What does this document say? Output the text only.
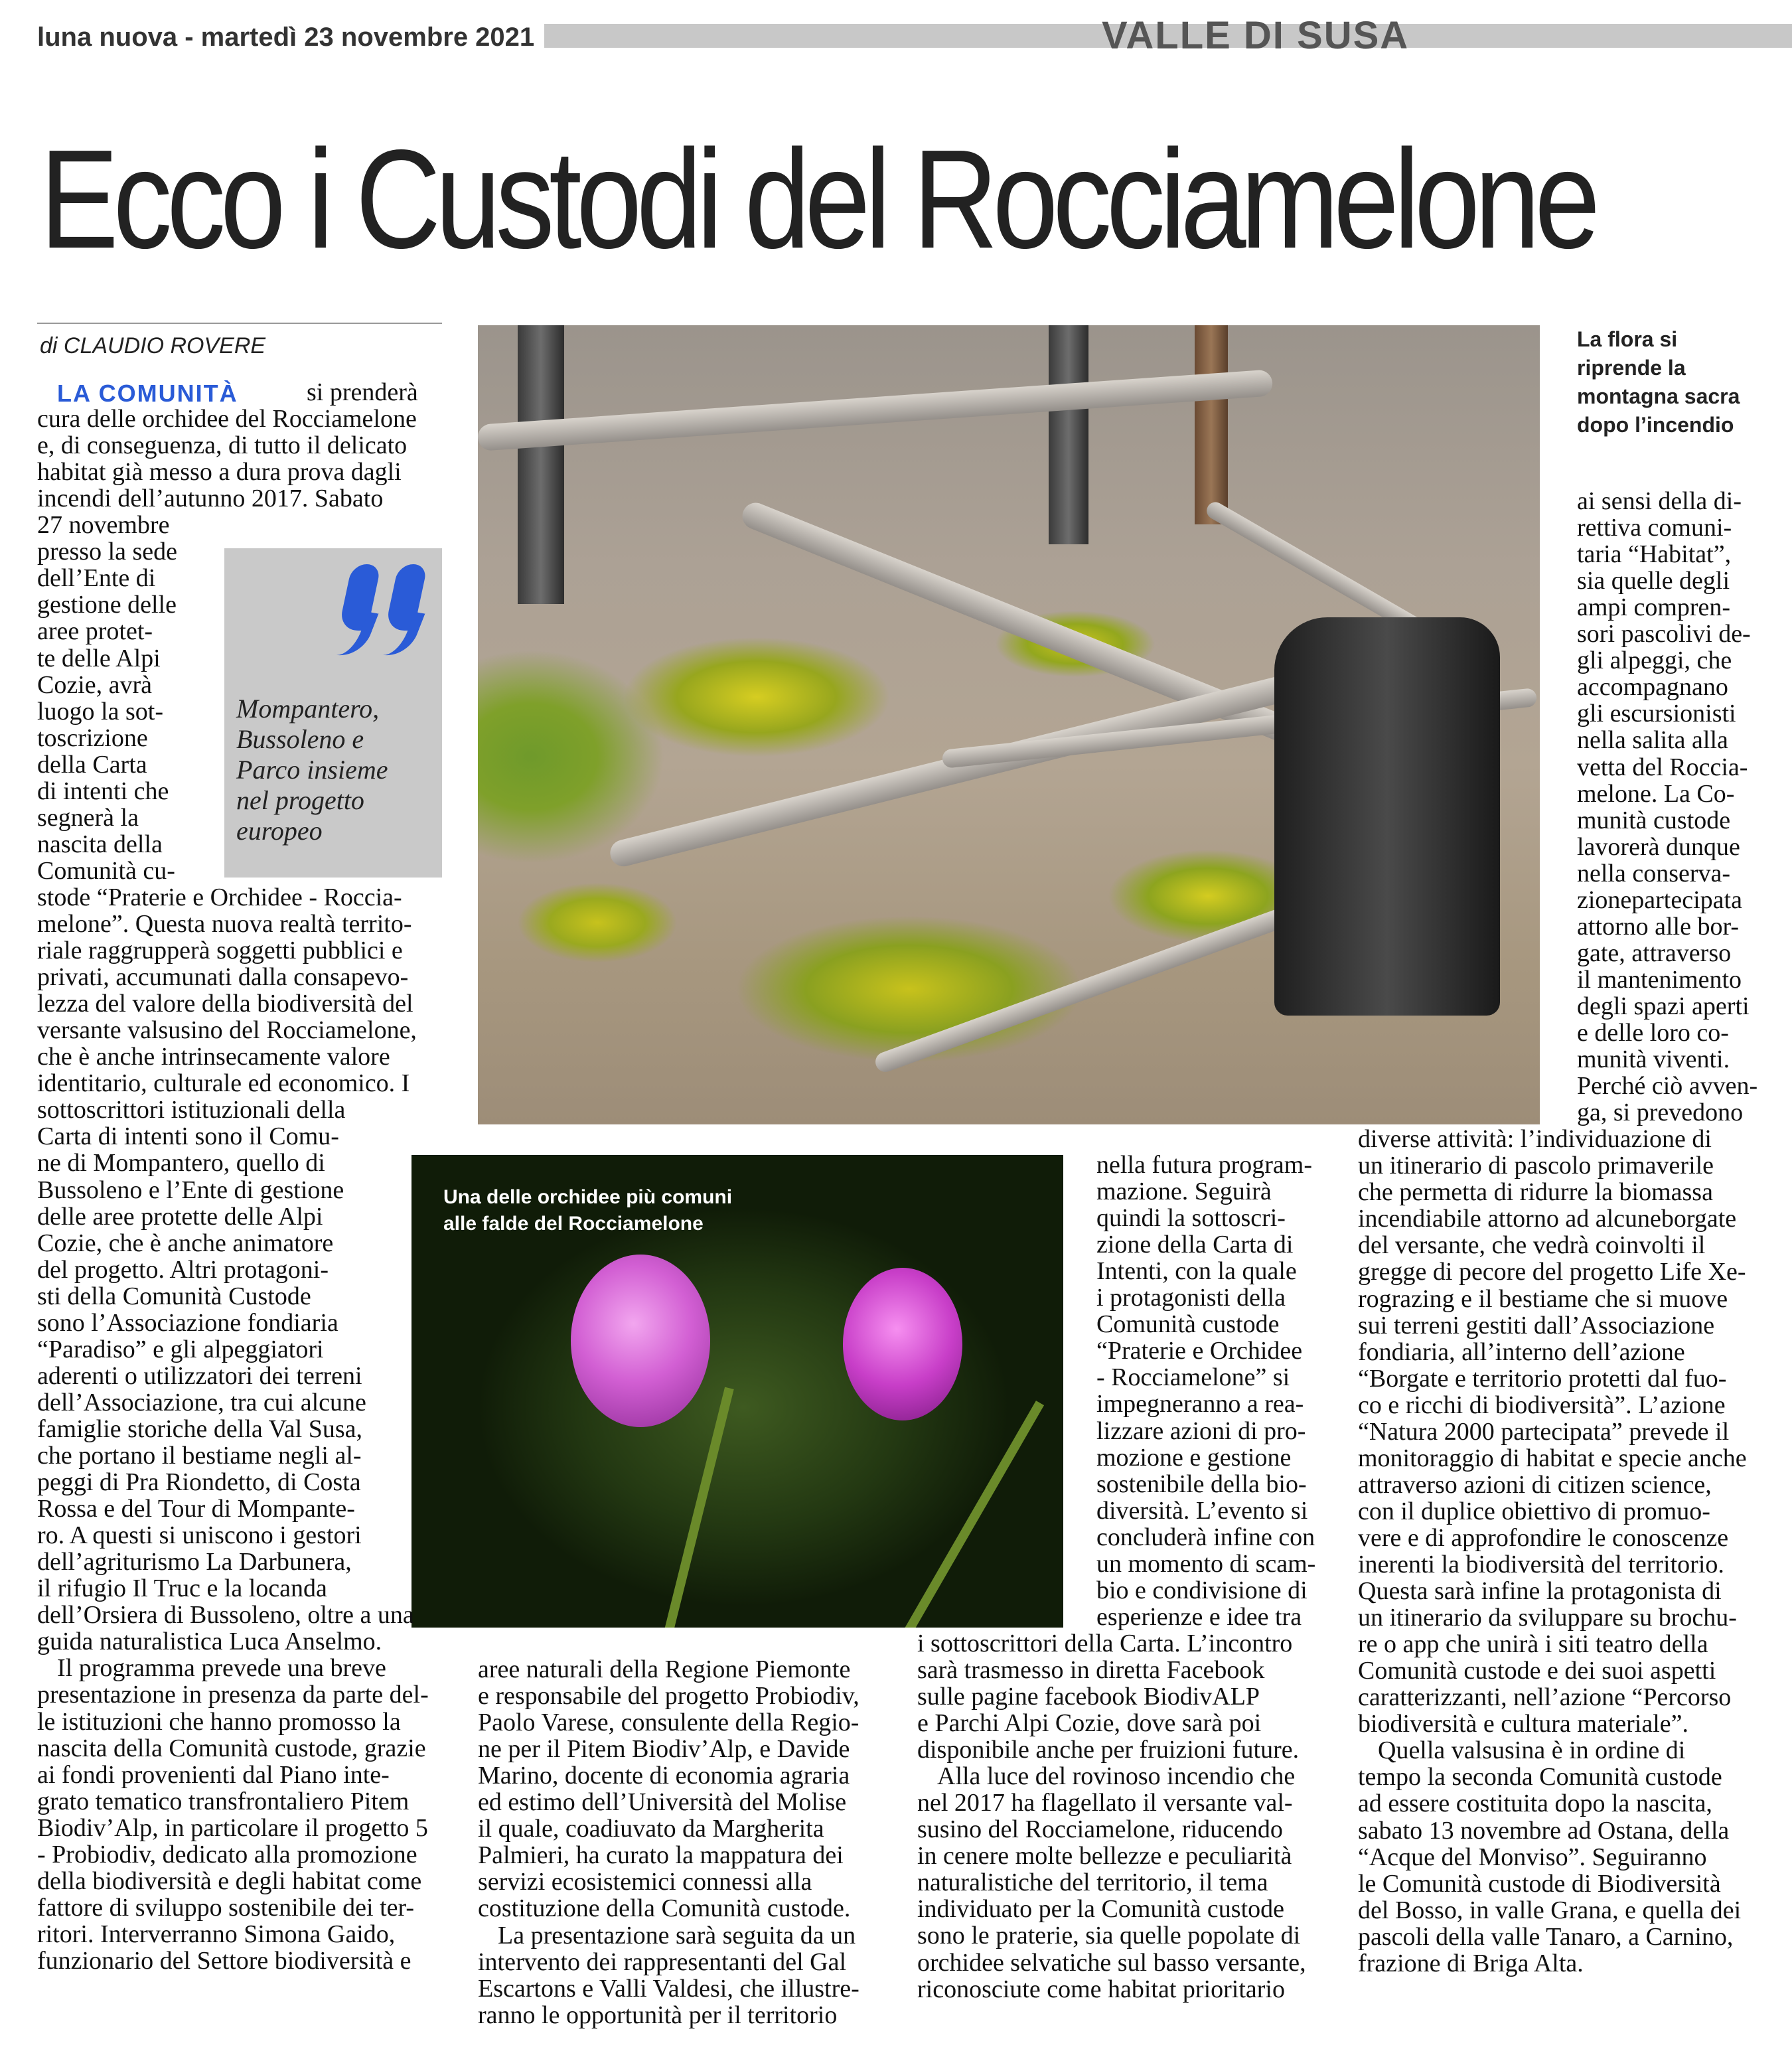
luna nuova - martedì 23 novembre 2021	VALLE DI SUSA
Ecco i Custodi del Rocciamelone
di CLAUDIO ROVERE
Mompantero,
Bussoleno e
Parco insieme
nel progetto
europeo
La flora si
riprende la
montagna sacra
dopo l’incendio
Una delle orchidee più comuni
alle falde del Rocciamelone
si prenderà
cura delle orchidee del Rocciamelone
e, di conseguenza, di tutto il delicato
habitat già messo a dura prova dagli
incendi dell’autunno 2017. Sabato
27 novembre
presso la sede
dell’Ente di
gestione delle
aree protet-
te delle Alpi
Cozie, avrà
luogo la sot-
toscrizione
della Carta
di intenti che
segnerà la
nascita della
Comunità cu-
stode “Praterie e Orchidee - Roccia-
melone”. Questa nuova realtà territo-
riale raggrupperà soggetti pubblici e
privati, accumunati dalla consapevo-
lezza del valore della biodiversità del
versante valsusino del Rocciamelone,
che è anche intrinsecamente valore
identitario, culturale ed economico. I
sottoscrittori istituzionali della
Carta di intenti sono il Comu-
ne di Mompantero, quello di
Bussoleno e l’Ente di gestione
delle aree protette delle Alpi
Cozie, che è anche animatore
del progetto. Altri protagoni-
sti della Comunità Custode
sono l’Associazione fondiaria
“Paradiso” e gli alpeggiatori
aderenti o utilizzatori dei terreni
dell’Associazione, tra cui alcune
famiglie storiche della Val Susa,
che portano il bestiame negli al-
peggi di Pra Riondetto, di Costa
Rossa e del Tour di Mompante-
ro. A questi si uniscono i gestori
dell’agriturismo La Darbunera,
il rifugio Il Truc e la locanda
dell’Orsiera di Bussoleno, oltre a una
guida naturalistica Luca Anselmo.
Il programma prevede una breve
presentazione in presenza da parte del-
le istituzioni che hanno promosso la
nascita della Comunità custode, grazie
ai fondi provenienti dal Piano inte-
grato tematico transfrontaliero Pitem
Biodiv’Alp, in particolare il progetto 5
- Probiodiv, dedicato alla promozione
della biodiversità e degli habitat come
fattore di sviluppo sostenibile dei ter-
ritori. Interverranno Simona Gaido,
funzionario del Settore biodiversità e
LA COMUNITÀ
aree naturali della Regione Piemonte
e responsabile del progetto Probiodiv,
Paolo Varese, consulente della Regio-
ne per il Pitem Biodiv’Alp, e Davide
Marino, docente di economia agraria
ed estimo dell’Università del Molise
il quale, coadiuvato da Margherita
Palmieri, ha curato la mappatura dei
servizi ecosistemici connessi alla
costituzione della Comunità custode.
La presentazione sarà seguita da un
intervento dei rappresentanti del Gal
Escartons e Valli Valdesi, che illustre-
ranno le opportunità per il territorio
nella futura program-
mazione. Seguirà
quindi la sottoscri-
zione della Carta di
Intenti, con la quale
i protagonisti della
Comunità custode
“Praterie e Orchidee
- Rocciamelone” si
impegneranno a rea-
lizzare azioni di pro-
mozione e gestione
sostenibile della bio-
diversità. L’evento si
concluderà infine con
un momento di scam-
bio e condivisione di
esperienze e idee tra
i sottoscrittori della Carta. L’incontro
sarà trasmesso in diretta Facebook
sulle pagine facebook BiodivALP
e Parchi Alpi Cozie, dove sarà poi
disponibile anche per fruizioni future.
Alla luce del rovinoso incendio che
nel 2017 ha flagellato il versante val-
susino del Rocciamelone, riducendo
in cenere molte bellezze e peculiarità
naturalistiche del territorio, il tema
individuato per la Comunità custode
sono le praterie, sia quelle popolate di
orchidee selvatiche sul basso versante,
riconosciute come habitat prioritario
ai sensi della di-
rettiva comuni-
taria “Habitat”,
sia quelle degli
ampi compren-
sori pascolivi de-
gli alpeggi, che
accompagnano
gli escursionisti
nella salita alla
vetta del Roccia-
melone. La Co-
munità custode
lavorerà dunque
nella conserva-
zionepartecipata
attorno alle bor-
gate, attraverso
il mantenimento
degli spazi aperti
e delle loro co-
munità viventi.
Perché ciò avven-
ga, si prevedono
diverse attività: l’individuazione di
un itinerario di pascolo primaverile
che permetta di ridurre la biomassa
incendiabile attorno ad alcuneborgate
del versante, che vedrà coinvolti il
gregge di pecore del progetto Life Xe-
rograzing e il bestiame che si muove
sui terreni gestiti dall’Associazione
fondiaria, all’interno dell’azione
“Borgate e territorio protetti dal fuo-
co e ricchi di biodiversità”. L’azione
“Natura 2000 partecipata” prevede il
monitoraggio di habitat e specie anche
attraverso azioni di citizen science,
con il duplice obiettivo di promuo-
vere e di approfondire le conoscenze
inerenti la biodiversità del territorio.
Questa sarà infine la protagonista di
un itinerario da sviluppare su brochu-
re o app che unirà i siti teatro della
Comunità custode e dei suoi aspetti
caratterizzanti, nell’azione “Percorso
biodiversità e cultura materiale”.
Quella valsusina è in ordine di
tempo la seconda Comunità custode
ad essere costituita dopo la nascita,
sabato 13 novembre ad Ostana, della
“Acque del Monviso”. Seguiranno
le Comunità custode di Biodiversità
del Bosso, in valle Grana, e quella dei
pascoli della valle Tanaro, a Carnino,
frazione di Briga Alta.
